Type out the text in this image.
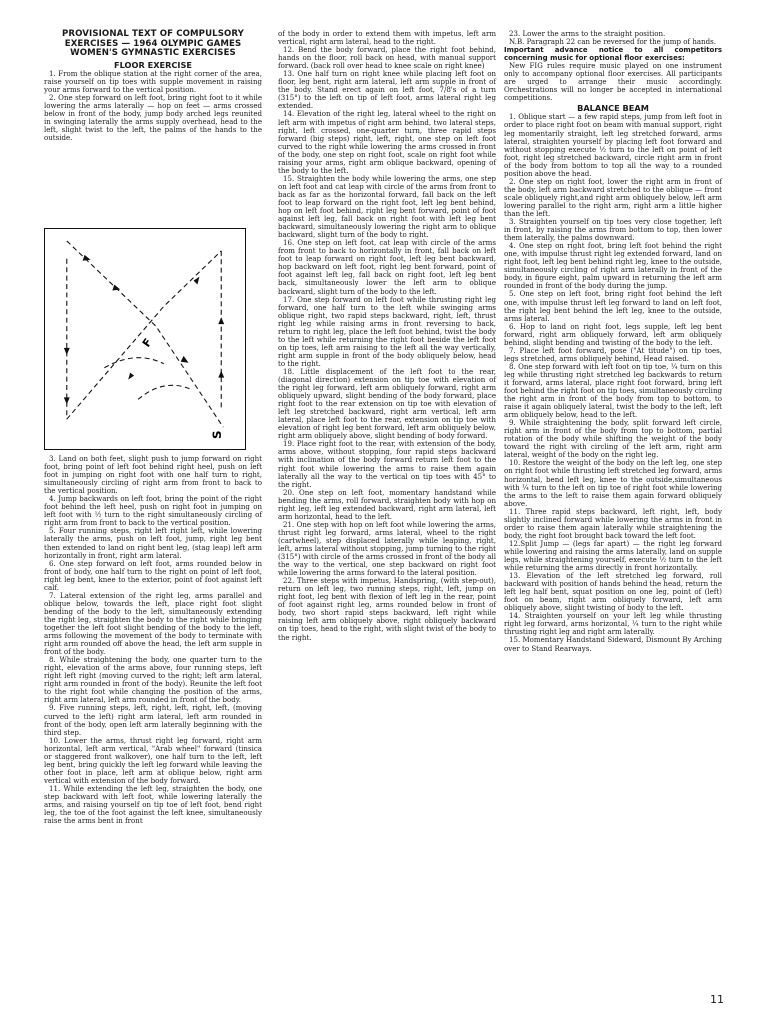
PROVISIONAL TEXT OF COMPULSORY
EXERCISES — 1964 OLYMPIC GAMES
WOMEN'S GYMNASTIC EXERCISES
FLOOR EXERCISE

1. From the oblique station at the right corner of the area, raise yourself on tip toes with supple movement in raising your arms forward to the vertical position.

2. One step forward on left foot, bring right foot to it while lowering the arms laterally — hop on feet — arms crossed below in front of the body, jump body arched legs reunited in swinging laterally the arms supply overhead, head to the left, slight twist to the left, the palms of the hands to the outside.

F
S

3. Land on both feet, slight push to jump forward on right foot, bring point of left foot behind right heel, push on left foot in jumping on right foot with one half turn to right, simultaneously circling of right arm from front to back to the vertical position.

4. Jump backwards on left foot, bring the point of the right foot behind the left heel, push on right foot in jumping on left foot with ½ turn to the right simultaneously circling of right arm from front to back to the vertical position.

5. Four running steps, right left right left, while lowering laterally the arms, push on left foot, jump, right leg bent then extended to land on right bent leg, (stag leap) left arm horizontally in front, right arm lateral.

6. One step forward on left foot, arms rounded below in front of body, one half turn to the right on point of left foot, right leg bent, knee to the exterior, point of foot against left calf.

7. Lateral extension of the right leg, arms parallel and oblique below, towards the left, place right foot slight bending of the body to the left, simultaneously extending the right leg, straighten the body to the right while bringing together the left foot slight bending of the body to the left, arms following the movement of the body to terminate with right arm rounded off above the head, the left arm supple in front of the body.

8. While straightening the body, one quarter turn to the right, elevation of the arms above, four running steps, left right left right (moving curved to the right; left arm lateral, right arm rounded in front of the body). Reunite the left foot to the right foot while changing the position of the arms, right arm lateral, left arm rounded in front of the body.

9. Five running steps, left, right, left, right, left, (moving curved to the left) right arm lateral, left arm rounded in front of the body, open left arm laterally beginning with the third step.

10. Lower the arms, thrust right leg forward, right arm horizontal, left arm vertical, "Arab wheel" forward (tinsica or staggered front walkover), one half turn to the left, left leg bent, bring quickly the left leg forward while leaving the other foot in place, left arm at oblique below, right arm vertical with extension of the body forward.

11. While extending the left leg, straighten the body, one step backward with left foot, while lowering laterally the arms, and raising yourself on tip toe of left foot, bend right leg, the toe of the foot against the left knee, simultaneously raise the arms bent in front

of the body in order to extend them with impetus, left arm vertical, right arm lateral, head to the right.

12. Bend the body forward, place the right foot behind, hands on the floor, roll back on head, with manual support forward. (back roll over head to knee scale on right knee)

13. One half turn on right knee while placing left foot on floor, leg bent, right arm lateral, left arm supple in front of the body. Stand erect again on left foot, 7/8's of a turn (315°) to the left on tip of left foot, arms lateral right leg extended.

14. Elevation of the right leg, lateral wheel to the right on left arm with impetus of right arm behind, two lateral steps, right, left crossed, one-quarter turn, three rapid steps forward (big steps) right, left, right, one step on left foot curved to the right while lowering the arms crossed in front of the body, one step on right foot, scale on right foot while raising your arms, right arm oblique backward, opening of the body to the left.

15. Straighten the body while lowering the arms, one step on left foot and cat leap with circle of the arms from front to back as far as the horizontal forward, fall back on the left foot to leap forward on the right foot, left leg bent behind, hop on left foot behind, right leg bent forward, point of foot against left leg, fall back on right foot with left leg bent backward, simultaneously lowering the right arm to oblique backward, slight turn of the body to right.

16. One step on left foot, cat leap with circle of the arms from front to back to horizontally in front, fall back on left foot to leap forward on right foot, left leg bent backward, hop backward on left foot, right leg bent forward, point of foot against left leg, fall back on right foot, left leg bent back, simultaneously lower the left arm to oblique backward, slight turn of the body to the left.

17. One step forward on left foot while thrusting right leg forward, one half turn to the left while swinging arms oblique right, two rapid steps backward, right, left, thrust right leg while raising arms in front reversing to back, return to right leg, place the left foot behind, twist the body to the left while returning the right foot beside the left foot on tip toes, left arm raising to the left all the way vertically, right arm supple in front of the body obliquely below, head to the right.

18. Little displacement of the left foot to the rear, (diagonal direction) extension on tip toe with elevation of the right leg forward, left arm obliquely forward, right arm obliquely upward, slight bending of the body forward, place right foot to the rear extension on tip toe with elevation of left leg stretched backward, right arm vertical, left arm lateral, place left foot to the rear, extension on tip toe with elevation of right leg bent forward, left arm obliquely below, right arm obliquely above, slight bending of body forward.

19. Place right foot to the rear, with extension of the body, arms above, without stopping, four rapid steps backward with inclination of the body forward return left foot to the right foot while lowering the arms to raise them again laterally all the way to the vertical on tip toes with 45° to the right.

20. One step on left foot, momentary handstand while bending the arms, roll forward, straighten body with hop on right leg, left leg extended backward, right arm lateral, left arm horizontal, head to the left.

21. One step with hop on left foot while lowering the arms, thrust right leg forward, arms lateral, wheel to the right (cartwheel), step displaced laterally while leaping, right, left, arms lateral without stopping, jump turning to the right (315°) with circle of the arms crossed in front of the body all the way to the vertical, one step backward on right foot while lowering the arms forward to the lateral position.

22. Three steps with impetus, Handspring, (with step-out), return on left leg, two running steps, right, left, jump on right foot, leg bent with flexion of left leg in the rear, point of foot against right leg, arms rounded below in front of body, two short rapid steps backward, left right while raising left arm obliquely above, right obliquely backward on tip toes, head to the right, with slight twist of the body to the right.

23. Lower the arms to the straight position.

N.B. Paragraph 22 can be reversed for the jump of hands.

Important advance notice to all competitors concerning music for optional floor exercises:

New FIG rules require music played on one instrument only to accompany optional floor exercises. All participants are urged to arrange their music accordingly. Orchestrations will no longer be accepted in international competitions.

BALANCE BEAM

1. Oblique start — a few rapid steps, jump from left foot in order to place right foot on beam with manual support, right leg momentarily straight, left leg stretched forward, arms lateral, straighten yourself by placing left foot forward and without stopping execute ½ turn to the left on point of left foot, right leg stretched backward, circle right arm in front of the body from bottom to top all the way to a rounded position above the head.

2. One step on right foot, lower the right arm in front of the body, left arm backward stretched to the oblique — front scale obliquely right,and right arm obliquely below, left arm lowering parallel to the right arm, right arm a little higher than the left.

3. Straighten yourself on tip toes very close together, left in front, by raising the arms from bottom to top, then lower them laterally, the palms downward.

4. One step on right foot, bring left foot behind the right one, with impulse thrust right leg extended forward, land on right foot, left leg bent behind right leg, knee to the outside, simultaneously circling of right arm laterally in front of the body, in figure eight, palm upward in returning the left arm rounded in front of the body during the jump.

5. One step on left foot, bring right foot behind the left one, with impulse thrust left leg forward to land on left foot, the right leg bent behind the left leg, knee to the outside, arms lateral.

6. Hop to land on right foot, legs supple, left leg bent forward, right arm obliquely forward, left arm obliquely behind, slight bending and twisting of the body to the left.

7. Place left foot forward, pose ("At titude") on tip toes, legs stretched, arms obliquely behind, Head raised.

8. One step forward with left foot on tip toe, ¼ turn on this leg while thrusting right stretched leg backwards to return it forward, arms lateral, place right foot forward, bring left foot behind the right foot on tip toes, simultaneously circling the right arm in front of the body from top to bottom, to raise it again obliquely lateral, twist the body to the left, left arm obliquely below, head to the left.

9. While straightening the body, split forward left circle, right arm in front of the body from top to bottom, partial rotation of the body while shifting the weight of the body toward the right with circling of the left arm, right arm lateral, weight of the body on the right leg.

10. Restore the weight of the body on the left leg, one step on right foot while thrusting left stretched leg forward, arms horizontal, bend left leg, knee to the outside,simultaneous with ¼ turn to the left on tip toe of right foot while lowering the arms to the left to raise them again forward obliquely above.

11. Three rapid steps backward, left right, left, body slightly inclined forward while lowering the arms in front in order to raise them again laterally while straightening the body, the right foot brought back toward the left foot.

12.Split Jump — (legs far apart) — the right leg forward while lowering and raising the arms laterally, land on supple legs, while straightening yourself, execute ½ turn to the left while returning the arms directly in front horizontally.

13. Elevation of the left stretched leg forward, roll backward with position of hands behind the head, return the left leg half bent, squat position on one leg, point of (left) foot on beam, right arm obliquely forward, left arm obliquely above, slight twisting of body to the left.

14. Straighten yourself on your left leg while thrusting right leg forward, arms horizontal, ¼ turn to the right while thrusting right leg and right arm laterally.

15. Momentary Handstand Sideward, Dismount By Arching over to Stand Rearways.

11
